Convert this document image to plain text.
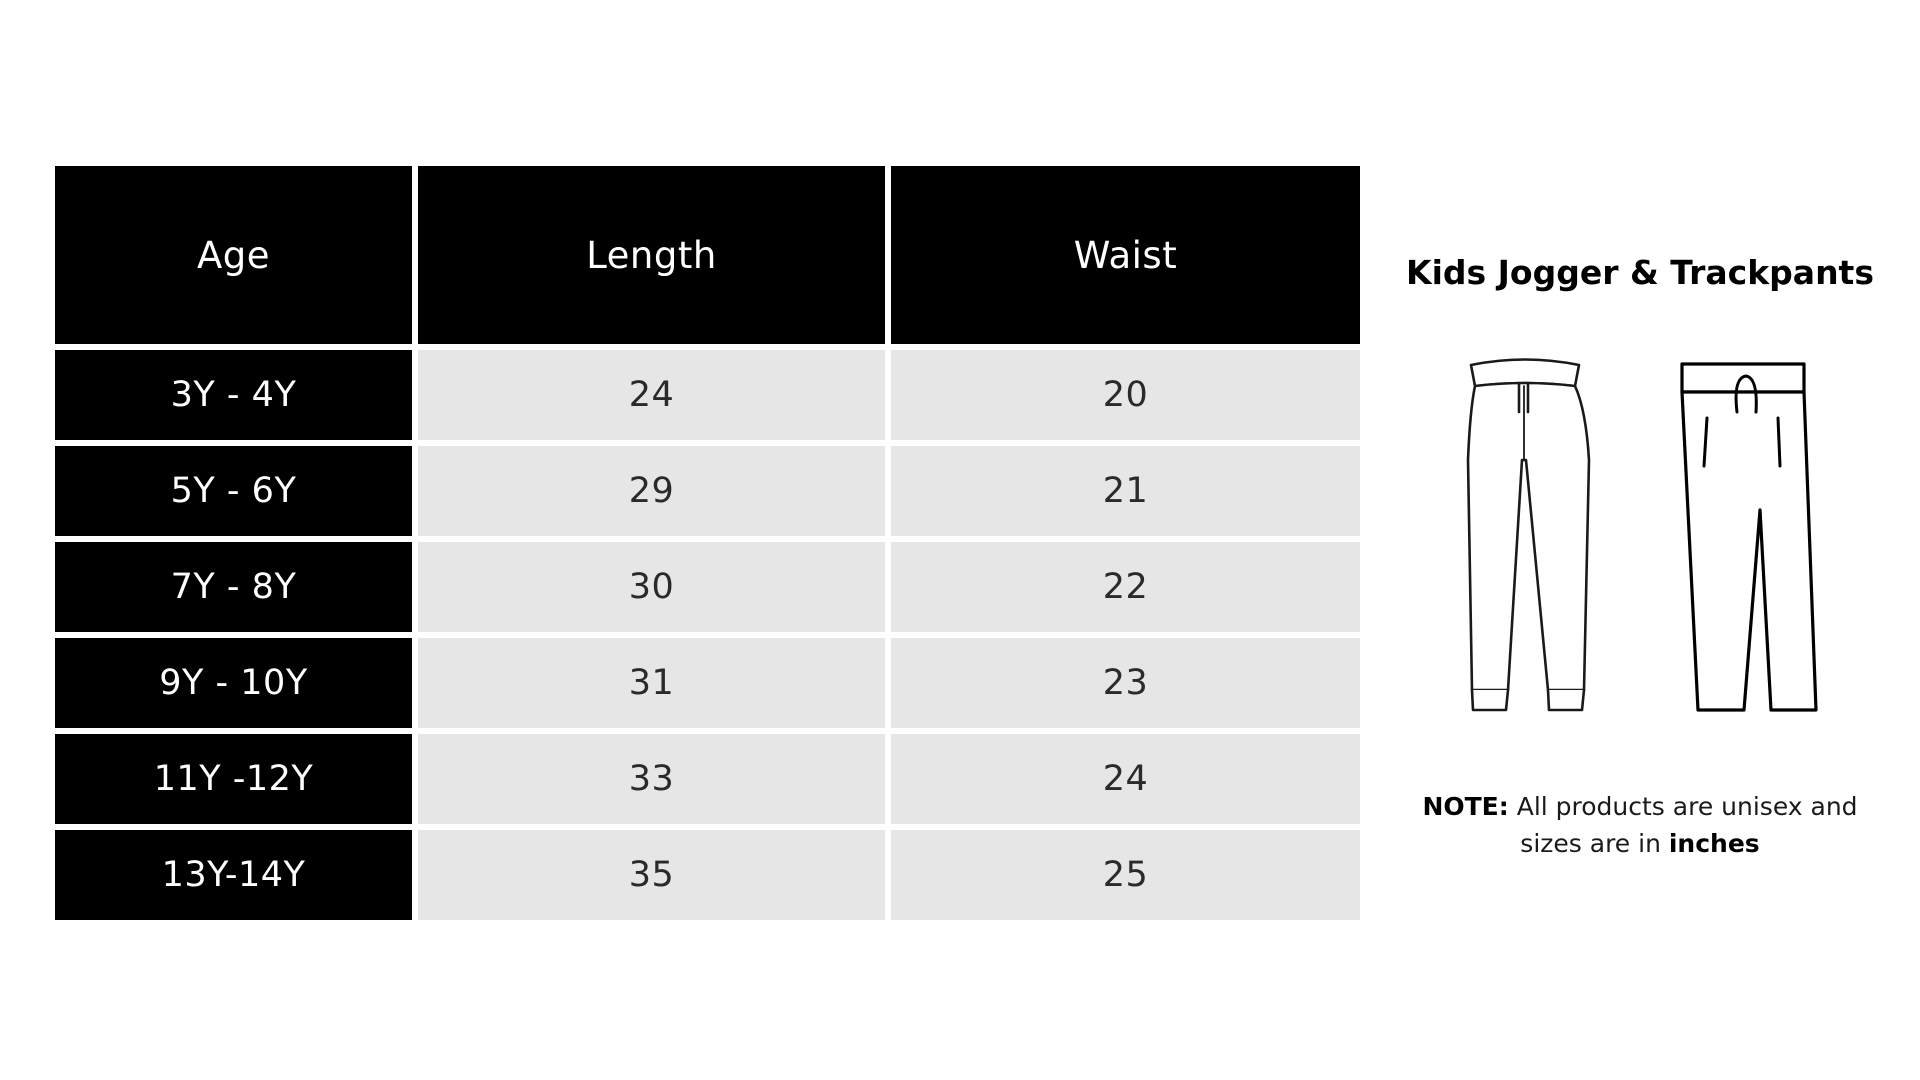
Age	Length	Waist
3Y - 4Y	24	20
5Y - 6Y	29	21
7Y - 8Y	30	22
9Y - 10Y	31	23
11Y -12Y	33	24
13Y-14Y	35	25
Kids Jogger & Trackpants
NOTE: All products are unisex and sizes are in inches
